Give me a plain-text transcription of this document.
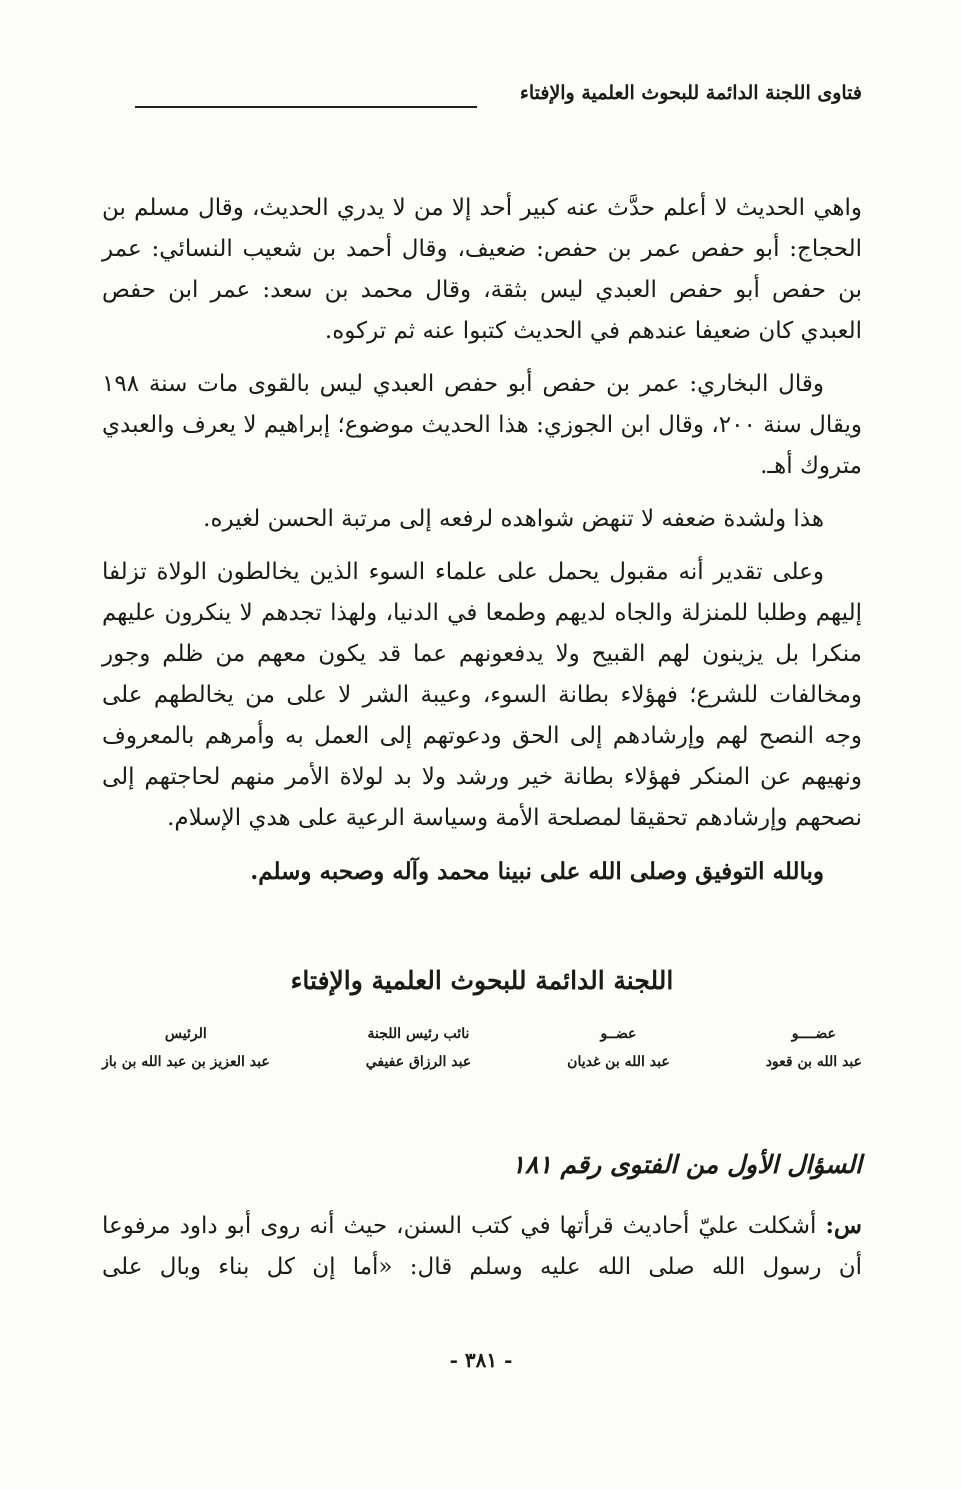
فتاوى اللجنة الدائمة للبحوث العلمية والإفتاء

واهي الحديث لا أعلم حدَّث عنه كبير أحد إلا من لا يدري الحديث، وقال مسلم بن الحجاج: أبو حفص عمر بن حفص: ضعيف، وقال أحمد بن شعيب النسائي: عمر بن حفص أبو حفص العبدي ليس بثقة، وقال محمد بن سعد: عمر ابن حفص العبدي كان ضعيفا عندهم في الحديث كتبوا عنه ثم تركوه.

وقال البخاري: عمر بن حفص أبو حفص العبدي ليس بالقوى مات سنة ١٩٨ ويقال سنة ٢٠٠، وقال ابن الجوزي: هذا الحديث موضوع؛ إبراهيم لا يعرف والعبدي متروك أهـ.

هذا ولشدة ضعفه لا تنهض شواهده لرفعه إلى مرتبة الحسن لغيره.

وعلى تقدير أنه مقبول يحمل على علماء السوء الذين يخالطون الولاة تزلفا إليهم وطلبا للمنزلة والجاه لديهم وطمعا في الدنيا، ولهذا تجدهم لا ينكرون عليهم منكرا بل يزينون لهم القبيح ولا يدفعونهم عما قد يكون معهم من ظلم وجور ومخالفات للشرع؛ فهؤلاء بطانة السوء، وعيبة الشر لا على من يخالطهم على وجه النصح لهم وإرشادهم إلى الحق ودعوتهم إلى العمل به وأمرهم بالمعروف ونهيهم عن المنكر فهؤلاء بطانة خير ورشد ولا بد لولاة الأمر منهم لحاجتهم إلى نصحهم وإرشادهم تحقيقا لمصلحة الأمة وسياسة الرعية على هدي الإسلام.

وبالله التوفيق وصلى الله على نبينا محمد وآله وصحبه وسلم.

اللجنة الدائمة للبحوث العلمية والإفتاء
عضــــو
عبد الله بن قعود
عضــو
عبد الله بن غديان
نائب رئيس اللجنة
عبد الرزاق عفيفي
الرئيس
عبد العزيز بن عبد الله بن باز
السؤال الأول من الفتوى رقم ١٨١
س: أشكلت عليّ أحاديث قرأتها في كتب السنن، حيث أنه روى أبو داود مرفوعا أن رسول الله صلى الله عليه وسلم قال: «أما إن كل بناء وبال على
- ٣٨١ -
